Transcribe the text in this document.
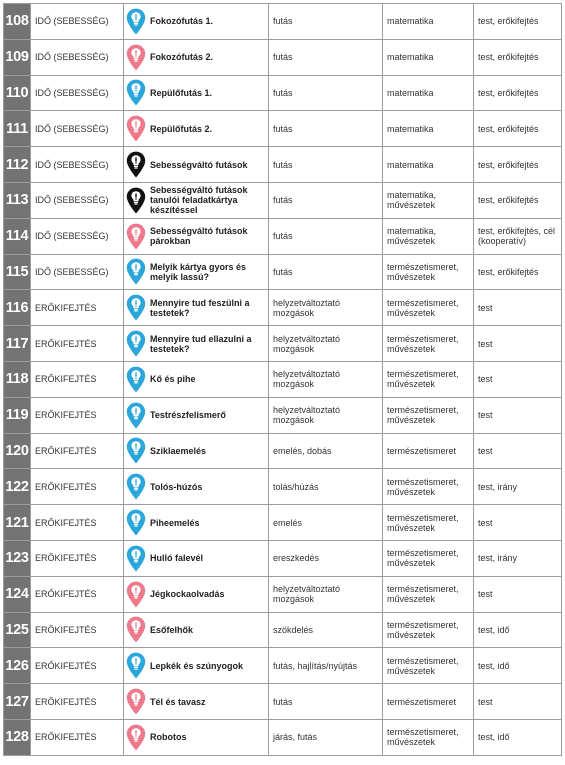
108	IDŐ (SEBESSÉG)	Fokozófutás 1.	futás	matematika	test, erőkifejtés
109	IDŐ (SEBESSÉG)	Fokozófutás 2.	futás	matematika	test, erőkifejtés
110	IDŐ (SEBESSÉG)	Repülőfutás 1.	futás	matematika	test, erőkifejtés
111	IDŐ (SEBESSÉG)	Repülőfutás 2.	futás	matematika	test, erőkifejtés
112	IDŐ (SEBESSÉG)	Sebességváltó futások	futás	matematika	test, erőkifejtés
113	IDŐ (SEBESSÉG)	Sebességváltó futások tanulói feladatkártya készítéssel	futás	matematika, művészetek	test, erőkifejtés
114	IDŐ (SEBESSÉG)	Sebességváltó futások párokban	futás	matematika, művészetek	test, erőkifejtés, cél (kooperatív)
115	IDŐ (SEBESSÉG)	Melyik kártya gyors és melyik lassú?	futás	természetismeret, művészetek	test, erőkifejtés
116	ERŐKIFEJTÉS	Mennyire tud feszülni a testetek?	helyzetváltoztató mozgások	természetismeret, művészetek	test
117	ERŐKIFEJTÉS	Mennyire tud ellazulni a testetek?	helyzetváltoztató mozgások	természetismeret, művészetek	test
118	ERŐKIFEJTÉS	Kő és pihe	helyzetváltoztató mozgások	természetismeret, művészetek	test
119	ERŐKIFEJTÉS	Testrészfelismerő	helyzetváltoztató mozgások	természetismeret, művészetek	test
120	ERŐKIFEJTÉS	Sziklaemelés	emelés, dobás	természetismeret	test
122	ERŐKIFEJTÉS	Tolós-húzós	tolás/húzás	természetismeret, művészetek	test, irány
121	ERŐKIFEJTÉS	Piheemelés	emelés	természetismeret, művészetek	test
123	ERŐKIFEJTÉS	Hulló falevél	ereszkedés	természetismeret, művészetek	test, irány
124	ERŐKIFEJTÉS	Jégkockaolvadás	helyzetváltoztató mozgások	természetismeret, művészetek	test
125	ERŐKIFEJTÉS	Esőfelhők	szökdelés	természetismeret, művészetek	test, idő
126	ERŐKIFEJTÉS	Lepkék és szúnyogok	futás, hajlítás/nyújtás	természetismeret, művészetek	test, idő
127	ERŐKIFEJTÉS	Tél és tavasz	futás	természetismeret	test
128	ERŐKIFEJTÉS	Robotos	járás, futás	természetismeret, művészetek	test, idő
